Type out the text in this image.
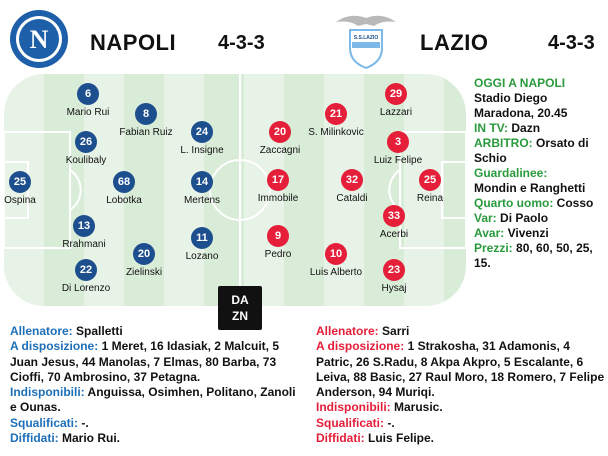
N NAPOLI 4-3-3	S.S.LAZIO LAZIO	4-3-3
6
Mario Rui	8
Fabian Ruiz
26
Koulibaly
24
L. Insigne
25
Ospina
68
Lobotka
14
Mertens
13
Rrahmani
11
Lozano
20
Zielinski
22
Di Lorenzo
29
Lazzari
21
S. Milinkovic
20
Zaccagni
3
Luiz Felipe
17
Immobile
32
Cataldi
25
Reina
33
Acerbi
9
Pedro	10
Luis Alberto	23
Hysaj
DA
ZN
OGGI A NAPOLI
Stadio Diego Maradona, 20.45
IN TV: Dazn
ARBITRO: Orsato di Schio
Guardalinee:
Mondin e Ranghetti
Quarto uomo: Cosso
Var: Di Paolo
Avar: Vivenzi
Prezzi: 80, 60, 50, 25, 15.
Allenatore: Spalletti
A disposizione: 1 Meret, 16 Idasiak, 2 Malcuit, 5 Juan Jesus, 44 Manolas, 7 Elmas, 80 Barba, 73 Cioffi, 70 Ambrosino, 37 Petagna.
Indisponibili: Anguissa, Osimhen, Politano, Zanoli e Ounas.
Squalificati: -.
Diffidati: Mario Rui.
Allenatore: Sarri
A disposizione: 1 Strakosha, 31 Adamonis, 4 Patric, 26 S.Radu, 8 Akpa Akpro, 5 Escalante, 6 Leiva, 88 Basic, 27 Raul Moro, 18 Romero, 7 Felipe Anderson, 94 Muriqi.
Indisponibili: Marusic.
Squalificati: -.
Diffidati: Luis Felipe.
